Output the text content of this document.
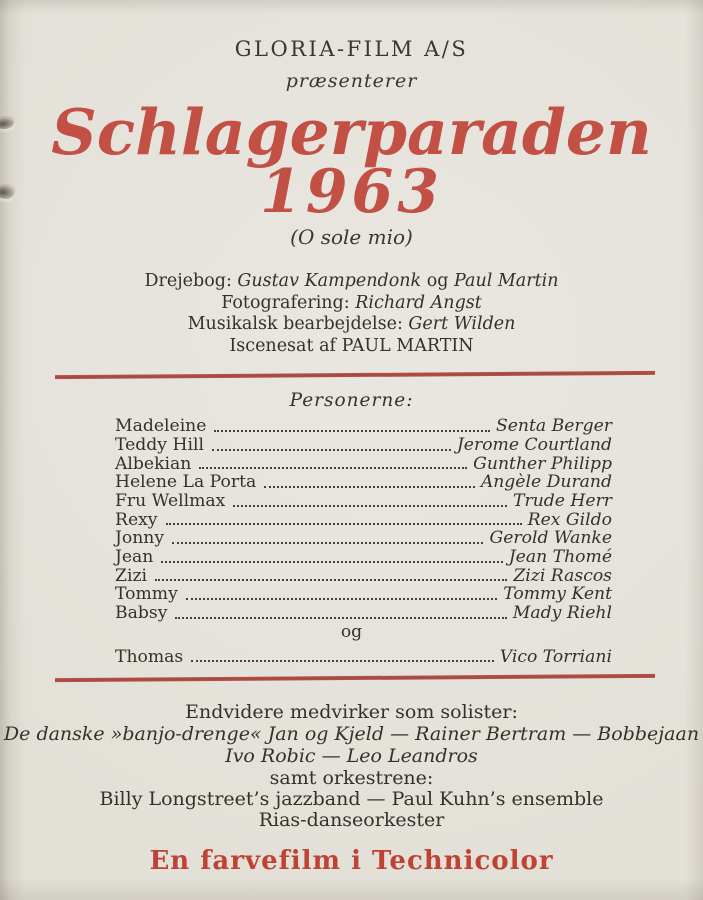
GLORIA-FILM A/S
præsenterer
Schlagerparaden
1963
(O sole mio)
Drejebog: Gustav Kampendonk og Paul Martin
Fotografering: Richard Angst
Musikalsk bearbejdelse: Gert Wilden
Iscenesat af PAUL MARTIN
Personerne:
Madeleine	Senta Berger
Teddy Hill	Jerome Courtland
Albekian	Gunther Philipp
Helene La Porta	Angèle Durand
Fru Wellmax	Trude Herr
Rexy	Rex Gildo
Jonny	Gerold Wanke
Jean	Jean Thomé
Zizi	Zizi Rascos
Tommy	Tommy Kent
Babsy	Mady Riehl
og
Thomas	Vico Torriani
Endvidere medvirker som solister:
De danske »banjo-drenge« Jan og Kjeld — Rainer Bertram — Bobbejaan
Ivo Robic — Leo Leandros
samt orkestrene:
Billy Longstreet’s jazzband — Paul Kuhn’s ensemble
Rias-danseorkester
En farvefilm i Technicolor
